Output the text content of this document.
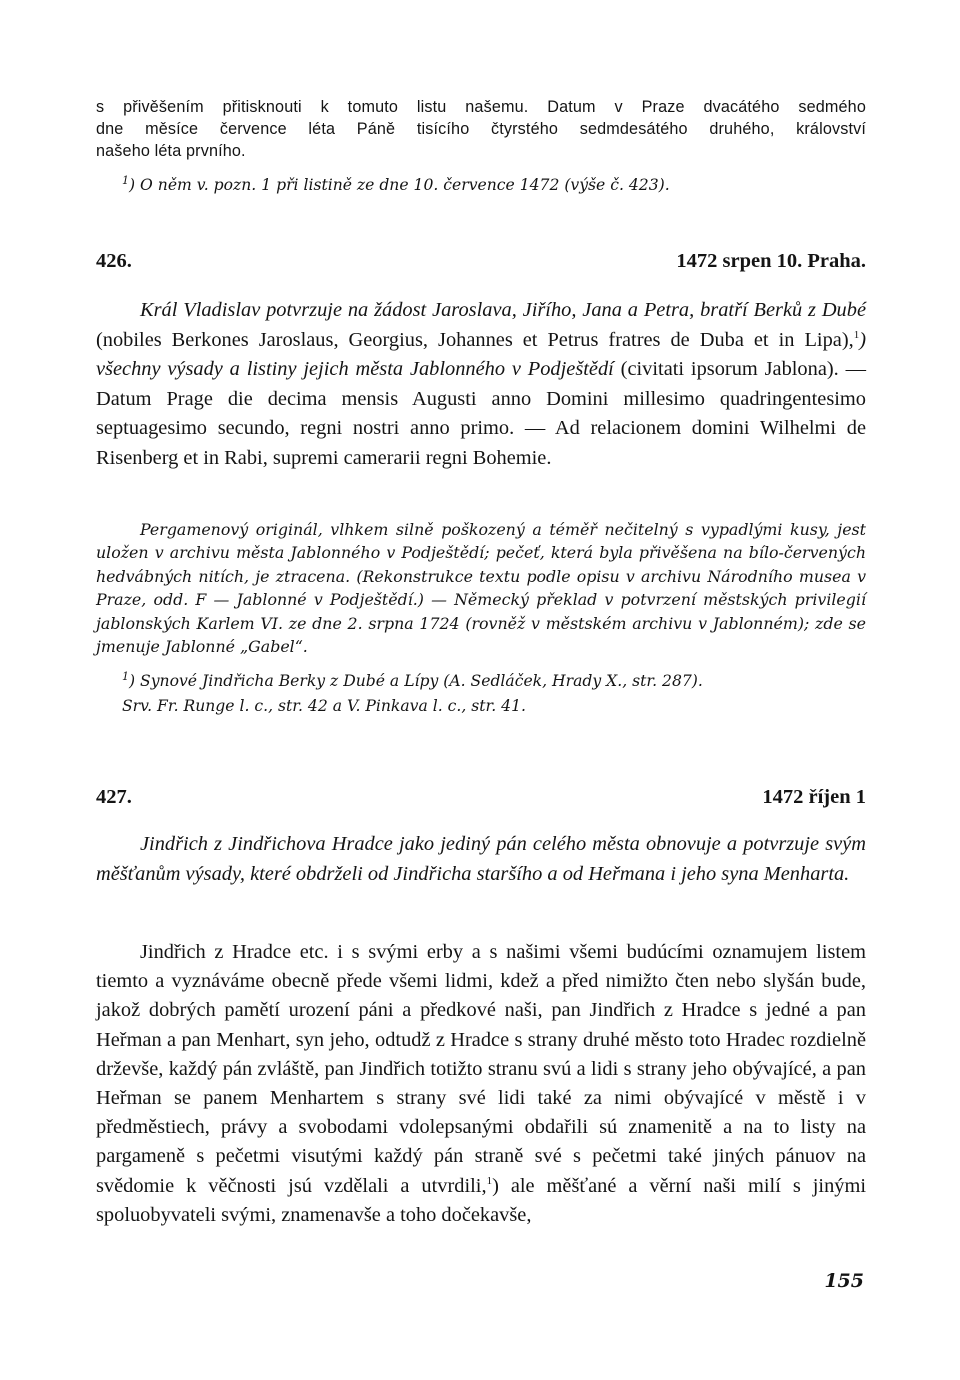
s přivěšením přitisknouti k tomuto listu našemu. Datum v Praze dvacátého sedmého
dne měsíce července léta Páně tisícího čtyrstého sedmdesátého druhého, království
našeho léta prvního.
$^1$) O něm v. pozn. 1 při listině ze dne 10. července 1472 (výše č. 423).
426.	1472 srpen 10. Praha.
Král Vladislav potvrzuje na žádost Jaroslava, Jiřího, Jana a Petra, bratří Berků z Dubé (nobiles Berkones Jaroslaus, Georgius, Johannes et Petrus fratres de Duba et in Lipa),$^1$) všechny výsady a listiny jejich města Jablonného v Podještědí (civitati ipsorum Jablona). — Datum Prage die decima mensis Augusti anno Domini millesimo quadringentesimo septuagesimo secundo, regni nostri anno primo. — Ad relacionem domini Wilhelmi de Risenberg et in Rabi, supremi camerarii regni Bohemie.
Pergamenový originál, vlhkem silně poškozený a téměř nečitelný s vypadlými kusy, jest uložen v archivu města Jablonného v Podještědí; pečeť, která byla přivěšena na bílo-červených hedvábných nitích, je ztracena. (Rekonstrukce textu podle opisu v archivu Národního musea v Praze, odd. F — Jablonné v Podještědí.) — Německý překlad v potvrzení městských privilegií jablonských Karlem VI. ze dne 2. srpna 1724 (rovněž v městském archivu v Jablonném); zde se jmenuje Jablonné „Gabel“.
$^1$) Synové Jindřicha Berky z Dubé a Lípy (A. Sedláček, Hrady X., str. 287).
Srv. Fr. Runge l. c., str. 42 a V. Pinkava l. c., str. 41.
427.	1472 říjen 1
Jindřich z Jindřichova Hradce jako jediný pán celého města obnovuje a potvrzuje svým měšťanům výsady, které obdrželi od Jindřicha staršího a od Heřmana i jeho syna Menharta.
Jindřich z Hradce etc. i s svými erby a s našimi všemi budúcími oznamujem listem tiemto a vyznáváme obecně přede všemi lidmi, kdež a před nimižto čten nebo slyšán bude, jakož dobrých pamětí urození páni a předkové naši, pan Jindřich z Hradce s jedné a pan Heřman a pan Menhart, syn jeho, odtudž z Hradce s strany druhé město toto Hradec rozdielně drževše, každý pán zvláště, pan Jindřich totižto stranu svú a lidi s strany jeho obývajícé, a pan Heřman se panem Menhartem s strany své lidi také za nimi obývajícé v městě i v předměstiech, právy a svobodami vdolepsanými obdařili sú znamenitě a na to listy na pargameně s pečetmi visutými každý pán straně své s pečetmi také jiných pánuov na svědomie k věčnosti jsú vzdělali a utvrdili,$^1$) ale měšťané a věrní naši milí s jinými spoluobyvateli svými, znamenavše a toho dočekavše,
155
